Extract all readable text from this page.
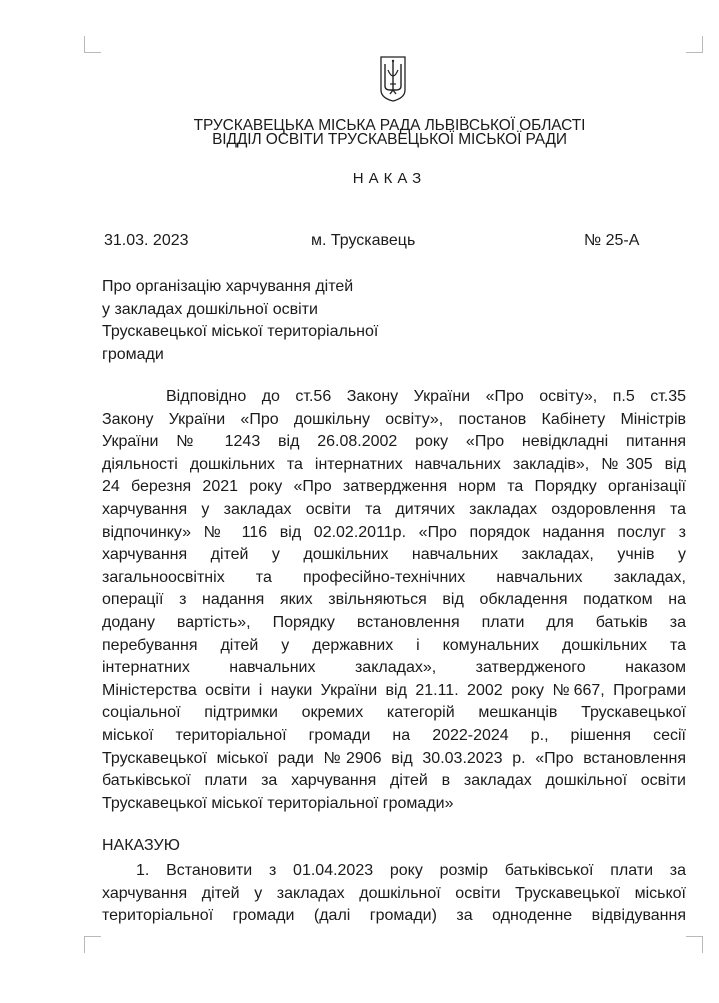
ТРУСКАВЕЦЬКА МІСЬКА РАДА ЛЬВІВСЬКОЇ ОБЛАСТІ
ВІДДІЛ ОСВІТИ ТРУСКАВЕЦЬКОЇ МІСЬКОЇ РАДИ
НАКАЗ
31.03. 2023	м. Трускавець	№ 25-А
Про організацію харчування дітей
у закладах дошкільної освіти
Трускавецької міської територіальної
громади
Відповідно до ст.56 Закону України «Про освіту», п.5 ст.35
Закону України «Про дошкільну освіту», постанов Кабінету Міністрів
України № 1243 від 26.08.2002 року «Про невідкладні питання
діяльності дошкільних та інтернатних навчальних закладів», №305 від
24 березня 2021 року «Про затвердження норм та Порядку організації
харчування у закладах освіти та дитячих закладах оздоровлення та
відпочинку» № 116 від 02.02.2011р. «Про порядок надання послуг з
харчування дітей у дошкільних навчальних закладах, учнів у
загальноосвітніх та професійно-технічних навчальних закладах,
операції з надання яких звільняються від обкладення податком на
додану вартість», Порядку встановлення плати для батьків за
перебування дітей у державних і комунальних дошкільних та
інтернатних навчальних закладах», затвердженого наказом
Міністерства освіти і науки України від 21.11. 2002 року №667, Програми
соціальної підтримки окремих категорій мешканців Трускавецької
міської територіальної громади на 2022-2024 р., рішення сесії
Трускавецької міської ради №2906 від 30.03.2023 р. «Про встановлення
батьківської плати за харчування дітей в закладах дошкільної освіти
Трускавецької міської територіальної громади»
НАКАЗУЮ
1. Встановити з 01.04.2023 року розмір батьківської плати за
харчування дітей у закладах дошкільної освіти Трускавецької міської
територіальної громади (далі громади) за одноденне відвідування
